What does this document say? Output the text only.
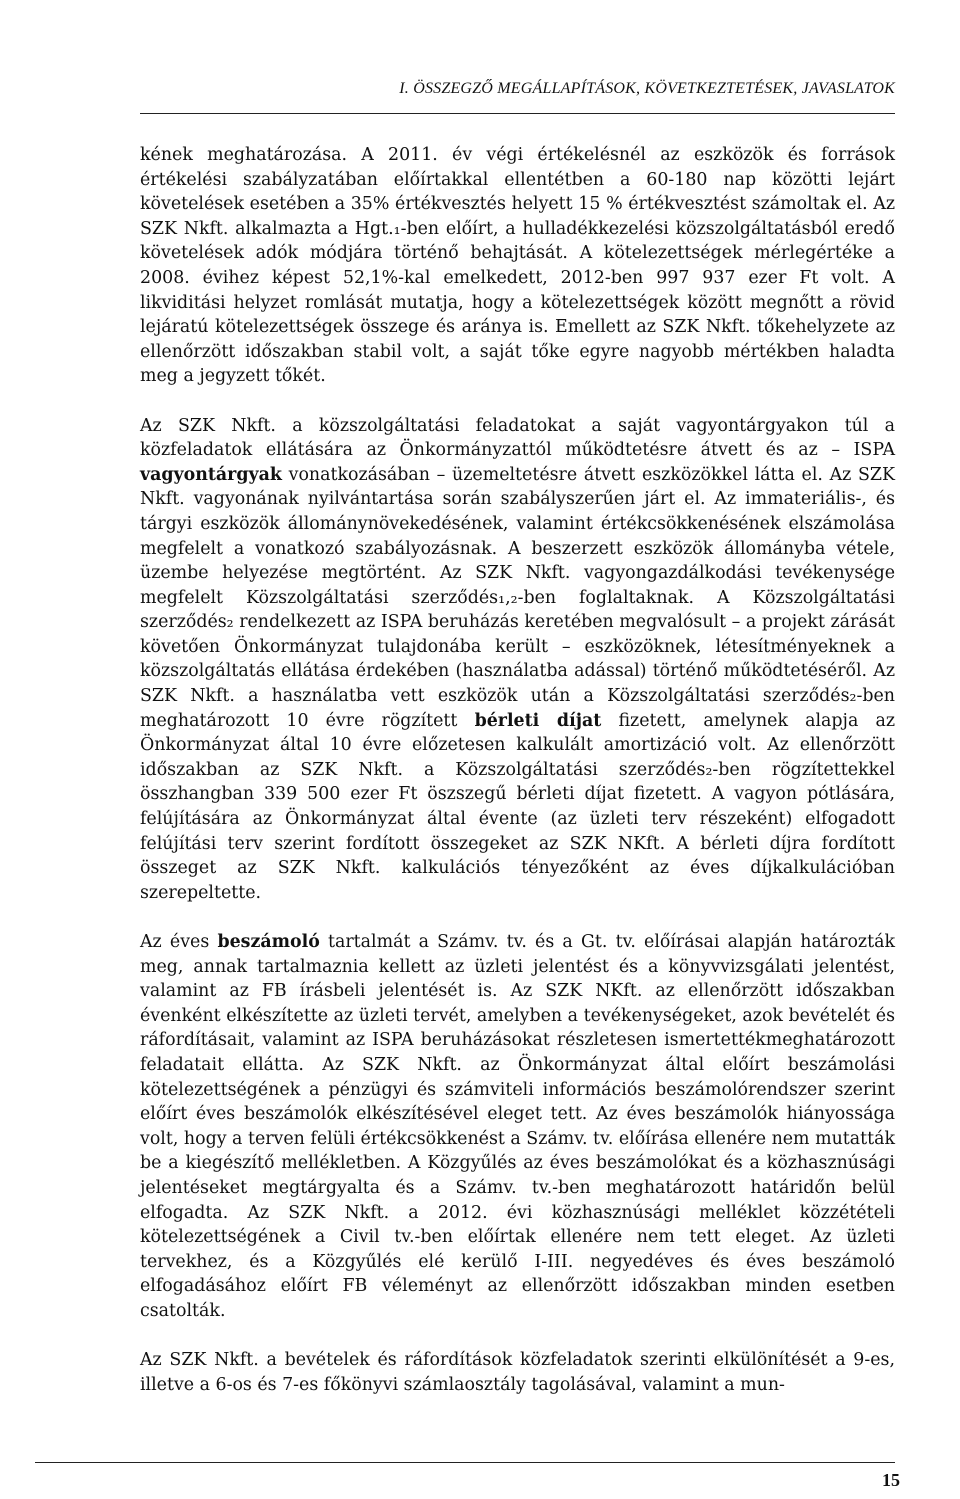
I. ÖSSZEGZŐ MEGÁLLAPÍTÁSOK, KÖVETKEZTETÉSEK, JAVASLATOK

kének meghatározása. A 2011. év végi értékelésnél az eszközök és források értékelési szabályzatában előírtakkal ellentétben a 60-180 nap közötti lejárt követelések esetében a 35% értékvesztés helyett 15 % értékvesztést számoltak el. Az SZK Nkft. alkalmazta a Hgt.₁-ben előírt, a hulladékkezelési közszolgáltatásból eredő követelések adók módjára történő behajtását. A kötelezettségek mérlegértéke a 2008. évihez képest 52,1%-kal emelkedett, 2012-ben 997 937 ezer Ft volt. A likviditási helyzet romlását mutatja, hogy a kötelezettségek között megnőtt a rövid lejáratú kötelezettségek összege és aránya is. Emellett az SZK Nkft. tőkehelyzete az ellenőrzött időszakban stabil volt, a saját tőke egyre nagyobb mértékben haladta meg a jegyzett tőkét.

Az SZK Nkft. a közszolgáltatási feladatokat a saját vagyontárgyakon túl a közfeladatok ellátására az Önkormányzattól működtetésre átvett és az – ISPA vagyontárgyak vonatkozásában – üzemeltetésre átvett eszközökkel látta el. Az SZK Nkft. vagyonának nyilvántartása során szabályszerűen járt el. Az immateriális-, és tárgyi eszközök állománynövekedésének, valamint értékcsökkenésének elszámolása megfelelt a vonatkozó szabályozásnak. A beszerzett eszközök állományba vétele, üzembe helyezése megtörtént. Az SZK Nkft. vagyongazdálkodási tevékenysége megfelelt Közszolgáltatási szerződés₁,₂-ben foglaltaknak. A Közszolgáltatási szerződés₂ rendelkezett az ISPA beruházás keretében megvalósult – a projekt zárását követően Önkormányzat tulajdonába került – eszközöknek, létesítményeknek a közszolgáltatás ellátása érdekében (használatba adással) történő működtetéséről. Az SZK Nkft. a használatba vett eszközök után a Közszolgáltatási szerződés₂-ben meghatározott 10 évre rögzített bérleti díjat fizetett, amelynek alapja az Önkormányzat által 10 évre előzetesen kalkulált amortizáció volt. Az ellenőrzött időszakban az SZK Nkft. a Közszolgáltatási szerződés₂-ben rögzítettekkel összhangban 339 500 ezer Ft öszszegű bérleti díjat fizetett. A vagyon pótlására, felújítására az Önkormányzat által évente (az üzleti terv részeként) elfogadott felújítási terv szerint fordított összegeket az SZK NKft. A bérleti díjra fordított összeget az SZK Nkft. kalkulációs tényezőként az éves díjkalkulációban szerepeltette.

Az éves beszámoló tartalmát a Számv. tv. és a Gt. tv. előírásai alapján határozták meg, annak tartalmaznia kellett az üzleti jelentést és a könyvvizsgálati jelentést, valamint az FB írásbeli jelentését is. Az SZK NKft. az ellenőrzött időszakban évenként elkészítette az üzleti tervét, amelyben a tevékenységeket, azok bevételét és ráfordításait, valamint az ISPA beruházásokat részletesen ismertettékmeghatározott feladatait ellátta. Az SZK Nkft. az Önkormányzat által előírt beszámolási kötelezettségének a pénzügyi és számviteli információs beszámolórendszer szerint előírt éves beszámolók elkészítésével eleget tett. Az éves beszámolók hiányossága volt, hogy a terven felüli értékcsökkenést a Számv. tv. előírása ellenére nem mutatták be a kiegészítő mellékletben. A Közgyűlés az éves beszámolókat és a közhasznúsági jelentéseket megtárgyalta és a Számv. tv.-ben meghatározott határidőn belül elfogadta. Az SZK Nkft. a 2012. évi közhasznúsági melléklet közzétételi kötelezettségének a Civil tv.-ben előírtak ellenére nem tett eleget. Az üzleti tervekhez, és a Közgyűlés elé kerülő I-III. negyedéves és éves beszámoló elfogadásához előírt FB véleményt az ellenőrzött időszakban minden esetben csatolták.

Az SZK Nkft. a bevételek és ráfordítások közfeladatok szerinti elkülönítését a 9-es, illetve a 6-os és 7-es főkönyvi számlaosztály tagolásával, valamint a mun-

15
